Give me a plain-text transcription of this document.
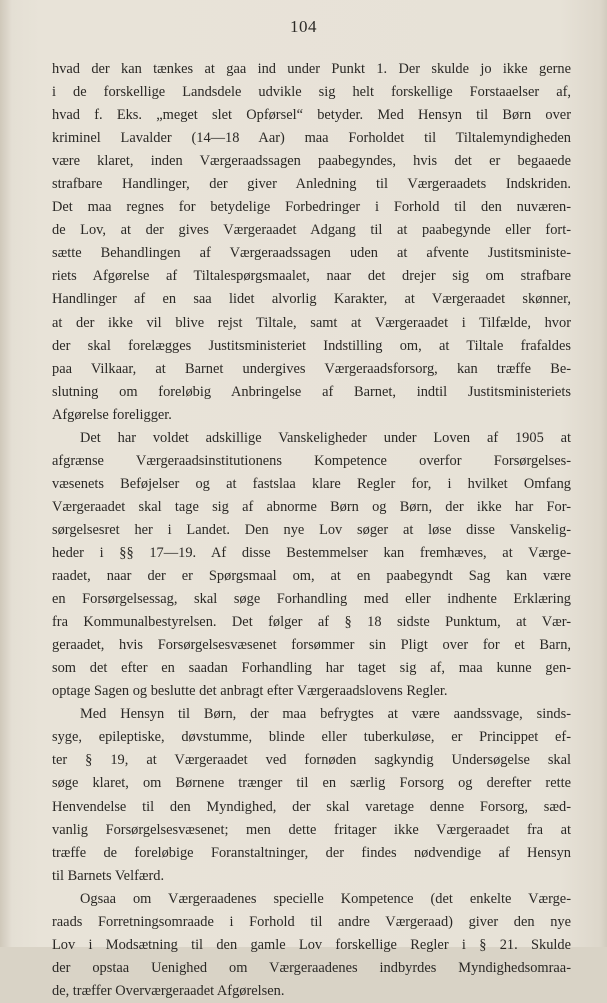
104
hvad der kan tænkes at gaa ind under Punkt 1. Der skulde jo ikke gerne
i de forskellige Landsdele udvikle sig helt forskellige Forstaaelser af,
hvad f. Eks. „meget slet Opførsel“ betyder. Med Hensyn til Børn over
kriminel Lavalder (14—18 Aar) maa Forholdet til Tiltalemyndigheden
være klaret, inden Værgeraadssagen paabegyndes, hvis det er begaaede
strafbare Handlinger, der giver Anledning til Værgeraadets Indskriden.
Det maa regnes for betydelige Forbedringer i Forhold til den nuværen-
de Lov, at der gives Værgeraadet Adgang til at paabegynde eller fort-
sætte Behandlingen af Værgeraadssagen uden at afvente Justitsministe-
riets Afgørelse af Tiltalespørgsmaalet, naar det drejer sig om strafbare
Handlinger af en saa lidet alvorlig Karakter, at Værgeraadet skønner,
at der ikke vil blive rejst Tiltale, samt at Værgeraadet i Tilfælde, hvor
der skal forelægges Justitsministeriet Indstilling om, at Tiltale frafaldes
paa Vilkaar, at Barnet undergives Værgeraadsforsorg, kan træffe Be-
slutning om foreløbig Anbringelse af Barnet, indtil Justitsministeriets
Afgørelse foreligger.
Det har voldet adskillige Vanskeligheder under Loven af 1905 at
afgrænse Værgeraadsinstitutionens Kompetence overfor Forsørgelses-
væsenets Beføjelser og at fastslaa klare Regler for, i hvilket Omfang
Værgeraadet skal tage sig af abnorme Børn og Børn, der ikke har For-
sørgelsesret her i Landet. Den nye Lov søger at løse disse Vanskelig-
heder i §§ 17—19. Af disse Bestemmelser kan fremhæves, at Værge-
raadet, naar der er Spørgsmaal om, at en paabegyndt Sag kan være
en Forsørgelsessag, skal søge Forhandling med eller indhente Erklæring
fra Kommunalbestyrelsen. Det følger af § 18 sidste Punktum, at Vær-
geraadet, hvis Forsørgelsesvæsenet forsømmer sin Pligt over for et Barn,
som det efter en saadan Forhandling har taget sig af, maa kunne gen-
optage Sagen og beslutte det anbragt efter Værgeraadslovens Regler.
Med Hensyn til Børn, der maa befrygtes at være aandssvage, sinds-
syge, epileptiske, døvstumme, blinde eller tuberkuløse, er Princippet ef-
ter § 19, at Værgeraadet ved fornøden sagkyndig Undersøgelse skal
søge klaret, om Børnene trænger til en særlig Forsorg og derefter rette
Henvendelse til den Myndighed, der skal varetage denne Forsorg, sæd-
vanlig Forsørgelsesvæsenet; men dette fritager ikke Værgeraadet fra at
træffe de foreløbige Foranstaltninger, der findes nødvendige af Hensyn
til Barnets Velfærd.
Ogsaa om Værgeraadenes specielle Kompetence (det enkelte Værge-
raads Forretningsomraade i Forhold til andre Værgeraad) giver den nye
Lov i Modsætning til den gamle Lov forskellige Regler i § 21. Skulde
der opstaa Uenighed om Værgeraadenes indbyrdes Myndighedsomraa-
de, træffer Overværgeraadet Afgørelsen.
